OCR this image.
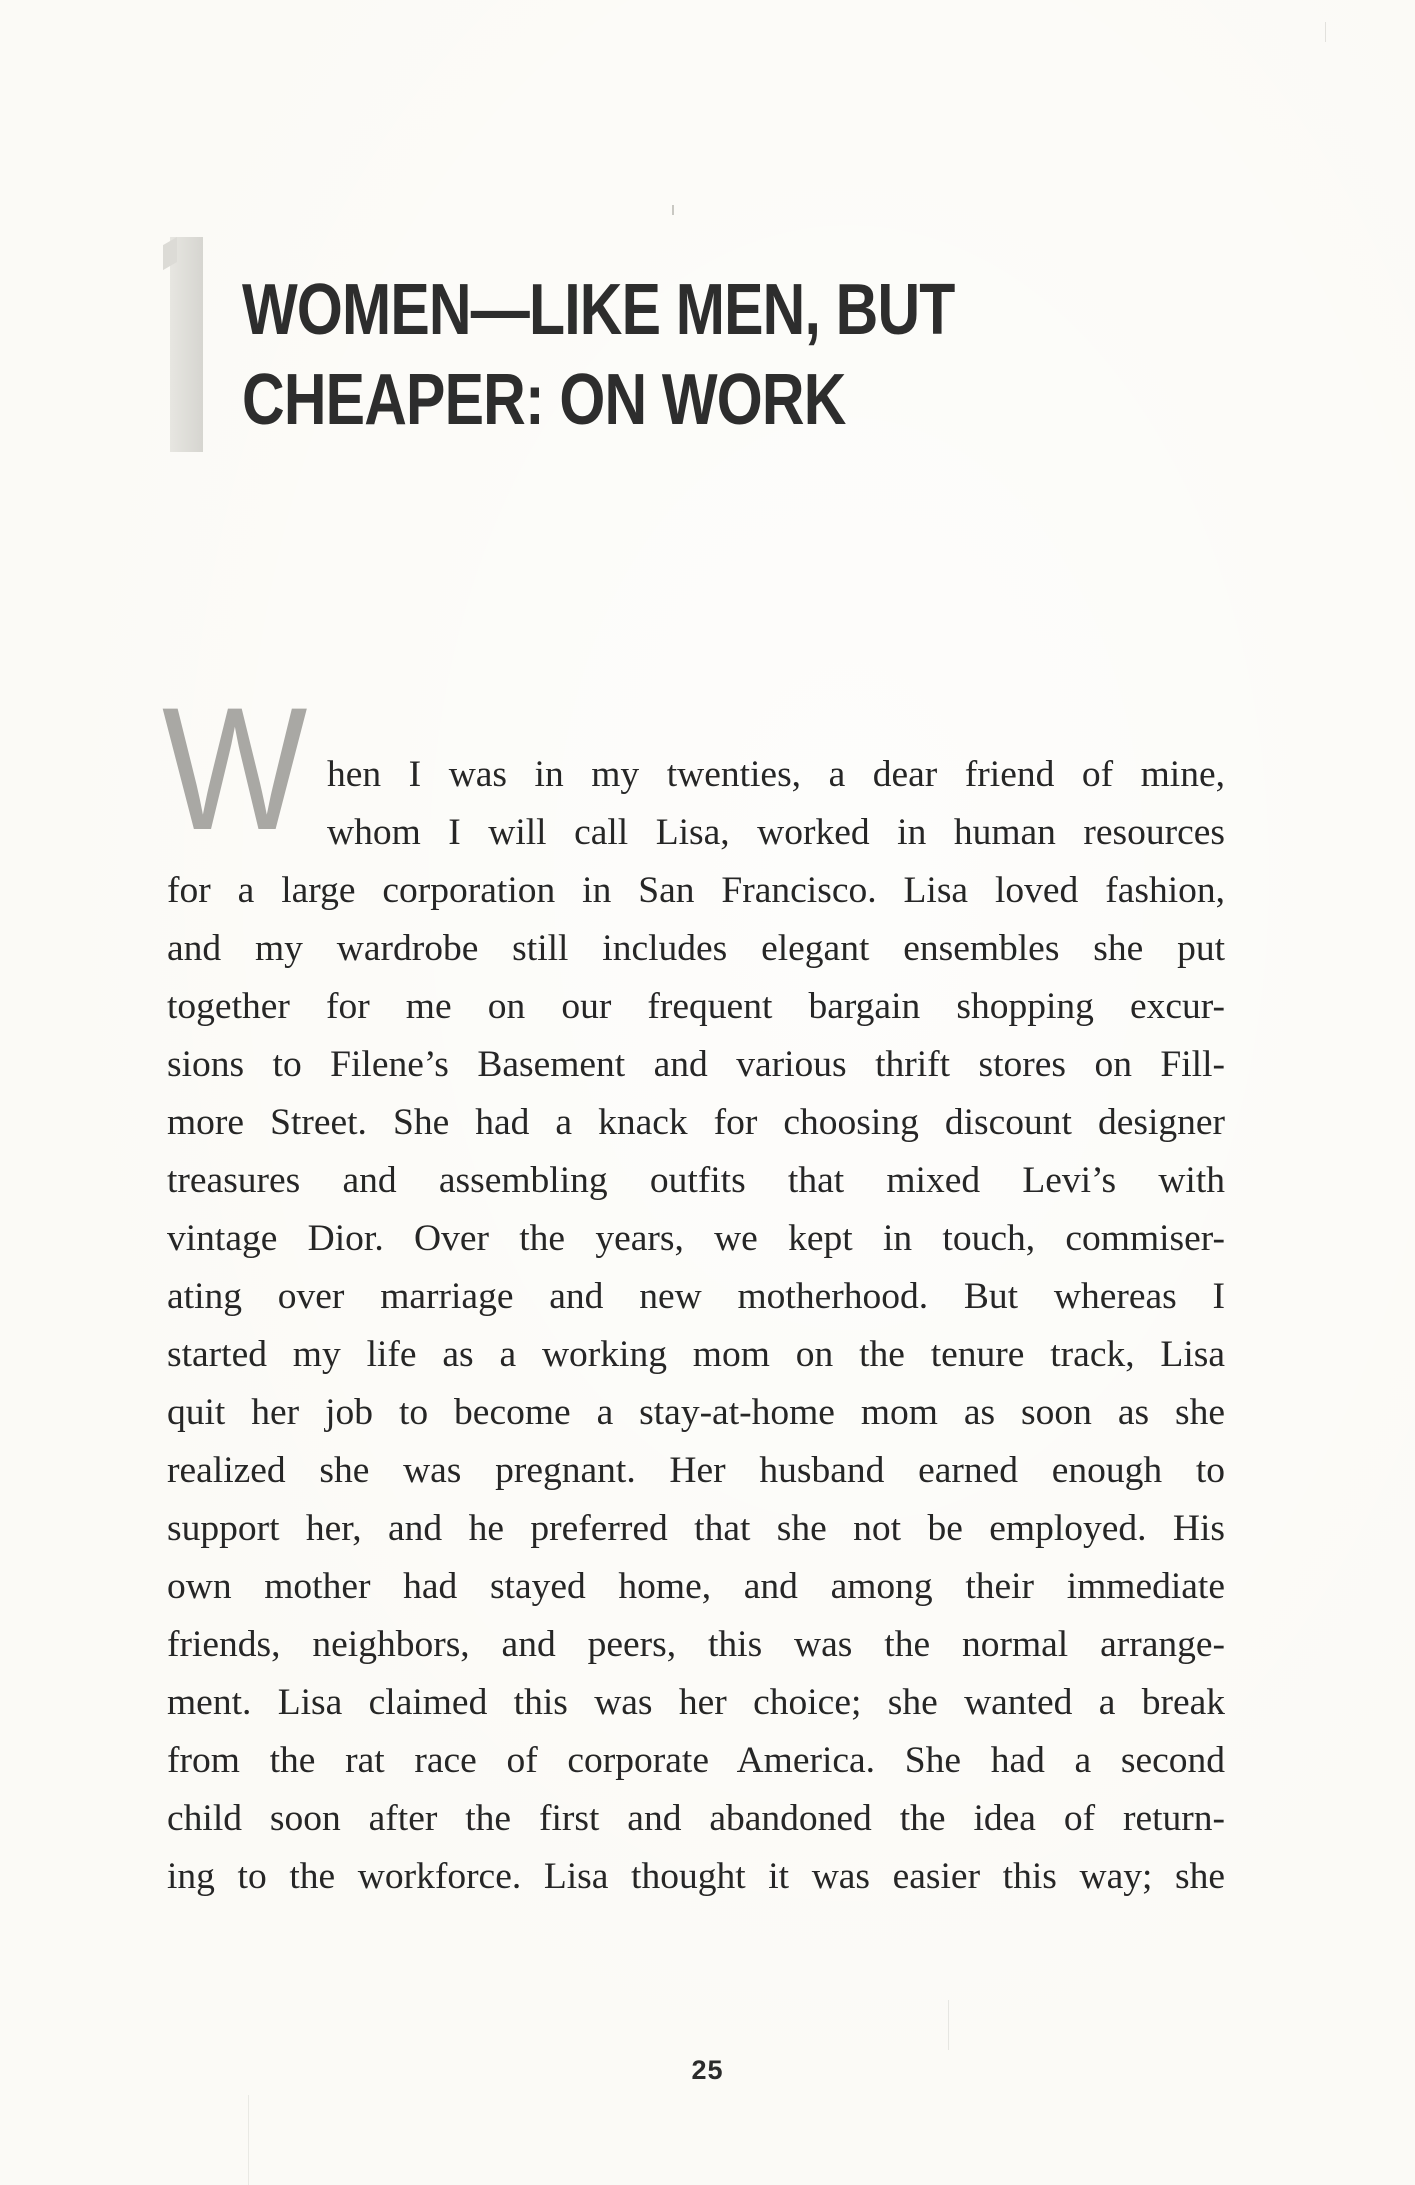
WOMEN—LIKE MEN, BUT
CHEAPER: ON WORK
W hen I was in my twenties, a dear friend of mine,
whom I will call Lisa, worked in human resources
for a large corporation in San Francisco. Lisa loved fashion,
and my wardrobe still includes elegant ensembles she put
together for me on our frequent bargain shopping excur-
sions to Filene’s Basement and various thrift stores on Fill-
more Street. She had a knack for choosing discount designer
treasures and assembling outfits that mixed Levi’s with
vintage Dior. Over the years, we kept in touch, commiser-
ating over marriage and new motherhood. But whereas I
started my life as a working mom on the tenure track, Lisa
quit her job to become a stay-at-home mom as soon as she
realized she was pregnant. Her husband earned enough to
support her, and he preferred that she not be employed. His
own mother had stayed home, and among their immediate
friends, neighbors, and peers, this was the normal arrange-
ment. Lisa claimed this was her choice; she wanted a break
from the rat race of corporate America. She had a second
child soon after the first and abandoned the idea of return-
ing to the workforce. Lisa thought it was easier this way; she
25
